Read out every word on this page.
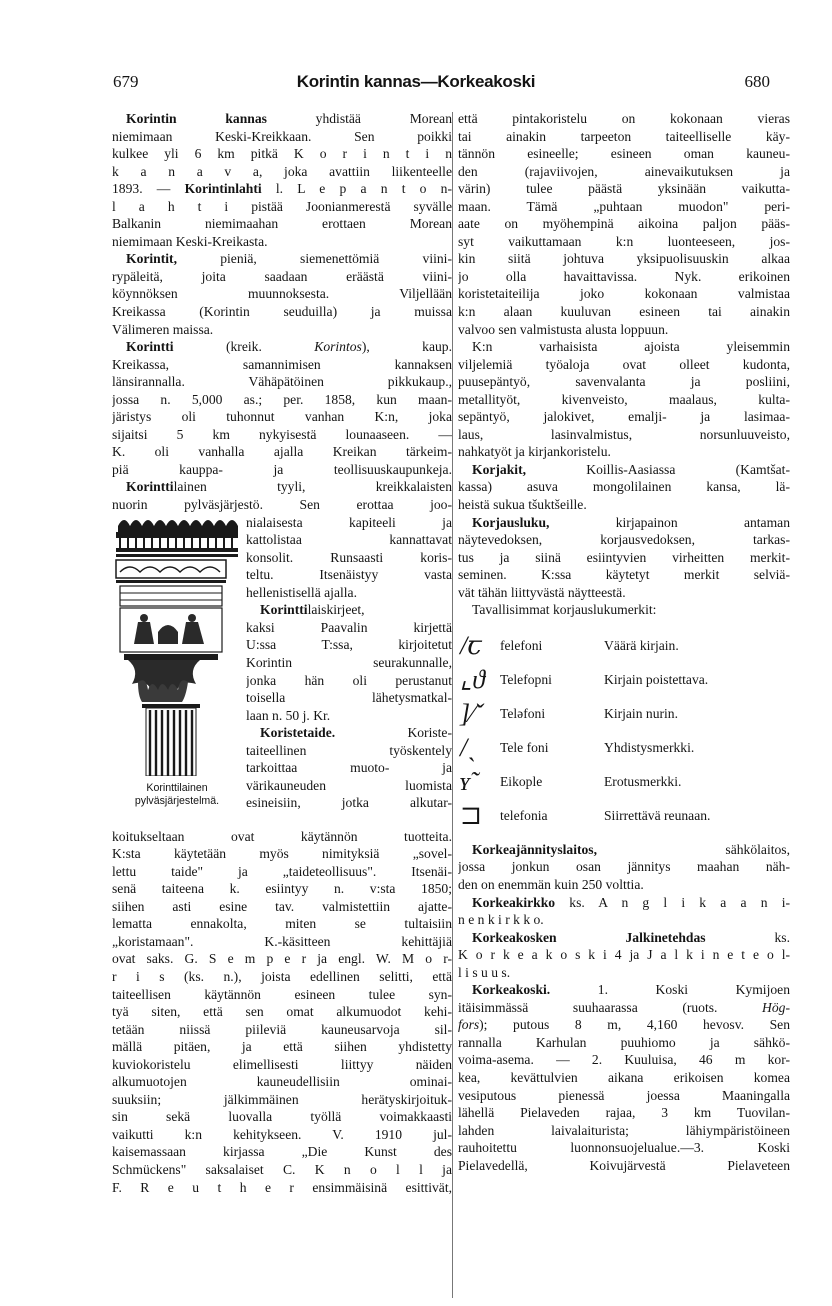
679	Korintin kannas—Korkeakoski	680
Korintin kannas yhdistää Morean
niemimaan Keski-Kreikkaan. Sen poikki
kulkee yli 6 km pitkä K o r i n t i n
k a n a v a, joka avattiin liikenteelle
1893. — Korintinlahti l. L e p a n t o n-
l a h t i pistää Joonianmerestä syvälle
Balkanin niemimaahan erottaen Morean
niemimaan Keski-Kreikasta.
Korintit, pieniä, siemenettömiä viini-
rypäleitä, joita saadaan eräästä viini-
köynnöksen muunnoksesta. Viljellään
Kreikassa (Korintin seuduilla) ja muissa
Välimeren maissa.
Korintti (kreik. Korintos), kaup.
Kreikassa, samannimisen kannaksen
länsirannalla. Vähäpätöinen pikkukaup.,
jossa n. 5,000 as.; per. 1858, kun maan-
järistys oli tuhonnut vanhan K:n, joka
sijaitsi 5 km nykyisestä lounaaseen. —
K. oli vanhalla ajalla Kreikan tärkeim-
piä kauppa- ja teollisuuskaupunkeja.
Korinttilainen tyyli, kreikkalaisten
nuorin pylväsjärjestö. Sen erottaa joo-
Korinttilainen
pylväsjärjestelmä.
nialaisesta kapiteeli ja
kattolistaa kannattavat
konsolit. Runsaasti koris-
teltu. Itsenäistyy vasta
hellenistisellä ajalla.
Korinttilaiskirjeet,
kaksi Paavalin kirjettä
U:ssa T:ssa, kirjoitetut
Korintin seurakunnalle,
jonka hän oli perustanut
toisella lähetysmatkal-
laan n. 50 j. Kr.
Koristetaide. Koriste-
taiteellinen työskentely
tarkoittaa muoto- ja
värikauneuden luomista
esineisiin, jotka alkutar-
koitukseltaan ovat käytännön tuotteita.
K:sta käytetään myös nimityksiä „sovel-
lettu taide" ja „taideteollisuus". Itsenäi-
senä taiteena k. esiintyy n. v:sta 1850;
siihen asti esine tav. valmistettiin ajatte-
lematta ennakolta, miten se tultaisiin
„koristamaan". K.-käsitteen kehittäjiä
ovat saks. G. S e m p e r ja engl. W. M o r-
r i s (ks. n.), joista edellinen selitti, että
taiteellisen käytännön esineen tulee syn-
tyä siten, että sen omat alkumuodot kehi-
tetään niissä piileviä kauneusarvoja sil-
mällä pitäen, ja että siihen yhdistetty
kuviokoristelu elimellisesti liittyy näiden
alkumuotojen kauneudellisiin ominai-
suuksiin; jälkimmäinen herätyskirjoituk-
sin sekä luovalla työllä voimakkaasti
vaikutti k:n kehitykseen. V. 1910 jul-
kaisemassaan kirjassa „Die Kunst des
Schmückens" saksalaiset C. K n o l l ja
F. R e u t h e r ensimmäisinä esittivät,
että pintakoristelu on kokonaan vieras
tai ainakin tarpeeton taiteelliselle käy-
tännön esineelle; esineen oman kauneu-
den (rajaviivojen, ainevaikutuksen ja
värin) tulee päästä yksinään vaikutta-
maan. Tämä „puhtaan muodon" peri-
aate on myöhempinä aikoina paljon pääs-
syt vaikuttamaan k:n luonteeseen, jos-
kin siitä johtuva yksipuolisuuskin alkaa
jo olla havaittavissa. Nyk. erikoinen
koristetaiteilija joko kokonaan valmistaa
k:n alaan kuuluvan esineen tai ainakin
valvoo sen valmistusta alusta loppuun.
K:n varhaisista ajoista yleisemmin
viljelemiä työaloja ovat olleet kudonta,
puusepäntyö, savenvalanta ja posliini,
metallityöt, kivenveisto, maalaus, kulta-
sepäntyö, jalokivet, emalji- ja lasimaa-
laus, lasinvalmistus, norsunluuveisto,
nahkatyöt ja kirjankoristelu.
Korjakit, Koillis-Aasiassa (Kamtšat-
kassa) asuva mongolilainen kansa, lä-
heistä sukua tšuktšeille.
Korjausluku, kirjapainon antaman
näytevedoksen, korjausvedoksen, tarkas-
tus ja siinä esiintyvien virheitten merkit-
seminen. K:ssa käytetyt merkit selviä-
vät tähän liittyvästä näytteestä.
Tavallisimmat korjauslukumerkit:
/ꞇ	felefoni	Väärä kirjain.
⌞ϑ	Telefopni	Kirjain poistettava.
]⁄ˇ	Telǝfoni	Kirjain nurin.
/ˎ	Tele foni	Yhdistysmerkki.
ʏ˜	Eikople	Erotusmerkki.
⊐	telefonia	Siirrettävä reunaan.
Korkeajännityslaitos, sähkölaitos,
jossa jonkun osan jännitys maahan näh-
den on enemmän kuin 250 volttia.
Korkeakirkko ks. A n g l i k a a n i-
n e n k i r k k o.
Korkeakosken Jalkinetehdas ks.
K o r k e a k o s k i 4 ja J a l k i n e t e o l-
l i s u u s.
Korkeakoski. 1. Koski Kymijoen
itäisimmässä suuhaarassa (ruots. Hög-
fors); putous 8 m, 4,160 hevosv. Sen
rannalla Karhulan puuhiomo ja sähkö-
voima-asema. — 2. Kuuluisa, 46 m kor-
kea, kevättulvien aikana erikoisen komea
vesiputous pienessä joessa Maaningalla
lähellä Pielaveden rajaa, 3 km Tuovilan-
lahden laivalaiturista; lähiympäristöineen
rauhoitettu luonnonsuojelualue.—3. Koski
Pielavedellä, Koivujärvestä Pielaveteen
